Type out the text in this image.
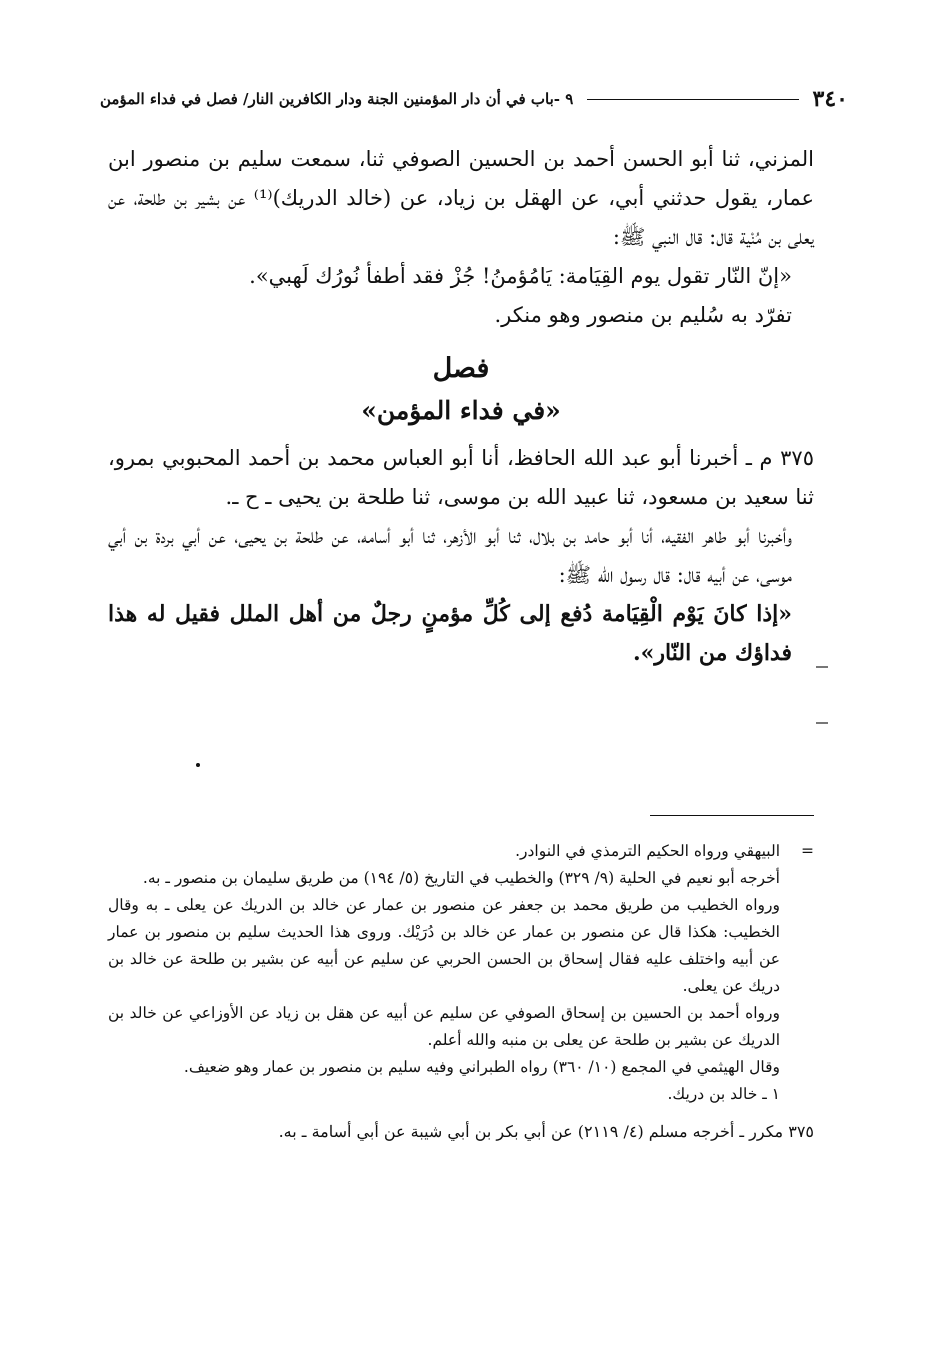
٣٤٠
٩ -باب في أن دار المؤمنين الجنة ودار الكافرين النار/ فصل في فداء المؤمن

المزني، ثنا أبو الحسن أحمد بن الحسين الصوفي ثنا، سمعت سليم بن منصور ابن عمار، يقول حدثني أبي، عن الهقل بن زياد، عن (خالد الدريك)⁽¹⁾ عن بشير بن طلحة، عن يعلى بن مُنْية قال: قال النبي ﷺ:

«إنّ النّار تقول يوم القِيَامة: يَامُؤمنُ! جُزْ فقد أطفأ نُورُك لَهبي».

تفرّد به سُليم بن منصور وهو منكر.

فصل
«في فداء المؤمن»

٣٧٥ م ـ أخبرنا أبو عبد الله الحافظ، أنا أبو العباس محمد بن أحمد المحبوبي بمرو، ثنا سعيد بن مسعود، ثنا عبيد الله بن موسى، ثنا طلحة بن يحيى ـ ح ـ.

وأخبرنا أبو طاهر الفقيه، أنا أبو حامد بن بلال، ثنا أبو الأزهر، ثنا أبو أسامه، عن طلحة بن يحيى، عن أبي بردة بن أبي موسى، عن أبيه قال: قال رسول الله ﷺ:

«إذا كانَ يَوْم الْقِيَامة دُفع إلى كُلِّ مؤمنٍ رجلٌ من أهل الملل فقيل له هذا فداؤك من النّار».

=
البيهقي ورواه الحكيم الترمذي في النوادر.

أخرجه أبو نعيم في الحلية (٩/ ٣٢٩) والخطيب في التاريخ (٥/ ١٩٤) من طريق سليمان بن منصور ـ به.

ورواه الخطيب من طريق محمد بن جعفر عن منصور بن عمار عن خالد بن الدريك عن يعلى ـ به وقال الخطيب: هكذا قال عن منصور بن عمار عن خالد بن دُرَيْك. وروى هذا الحديث سليم بن منصور بن عمار عن أبيه واختلف عليه فقال إسحاق بن الحسن الحربي عن سليم عن أبيه عن بشير بن طلحة عن خالد بن دريك عن يعلى.

ورواه أحمد بن الحسين بن إسحاق الصوفي عن سليم عن أبيه عن هقل بن زياد عن الأوزاعي عن خالد بن الدريك عن بشير بن طلحة عن يعلى بن منبه والله أعلم.

وقال الهيثمي في المجمع (١٠/ ٣٦٠) رواه الطبراني وفيه سليم بن منصور بن عمار وهو ضعيف.

١ ـ خالد بن دريك.

٣٧٥ مكرر ـ أخرجه مسلم (٤/ ٢١١٩) عن أبي بكر بن أبي شيبة عن أبي أسامة ـ به.
